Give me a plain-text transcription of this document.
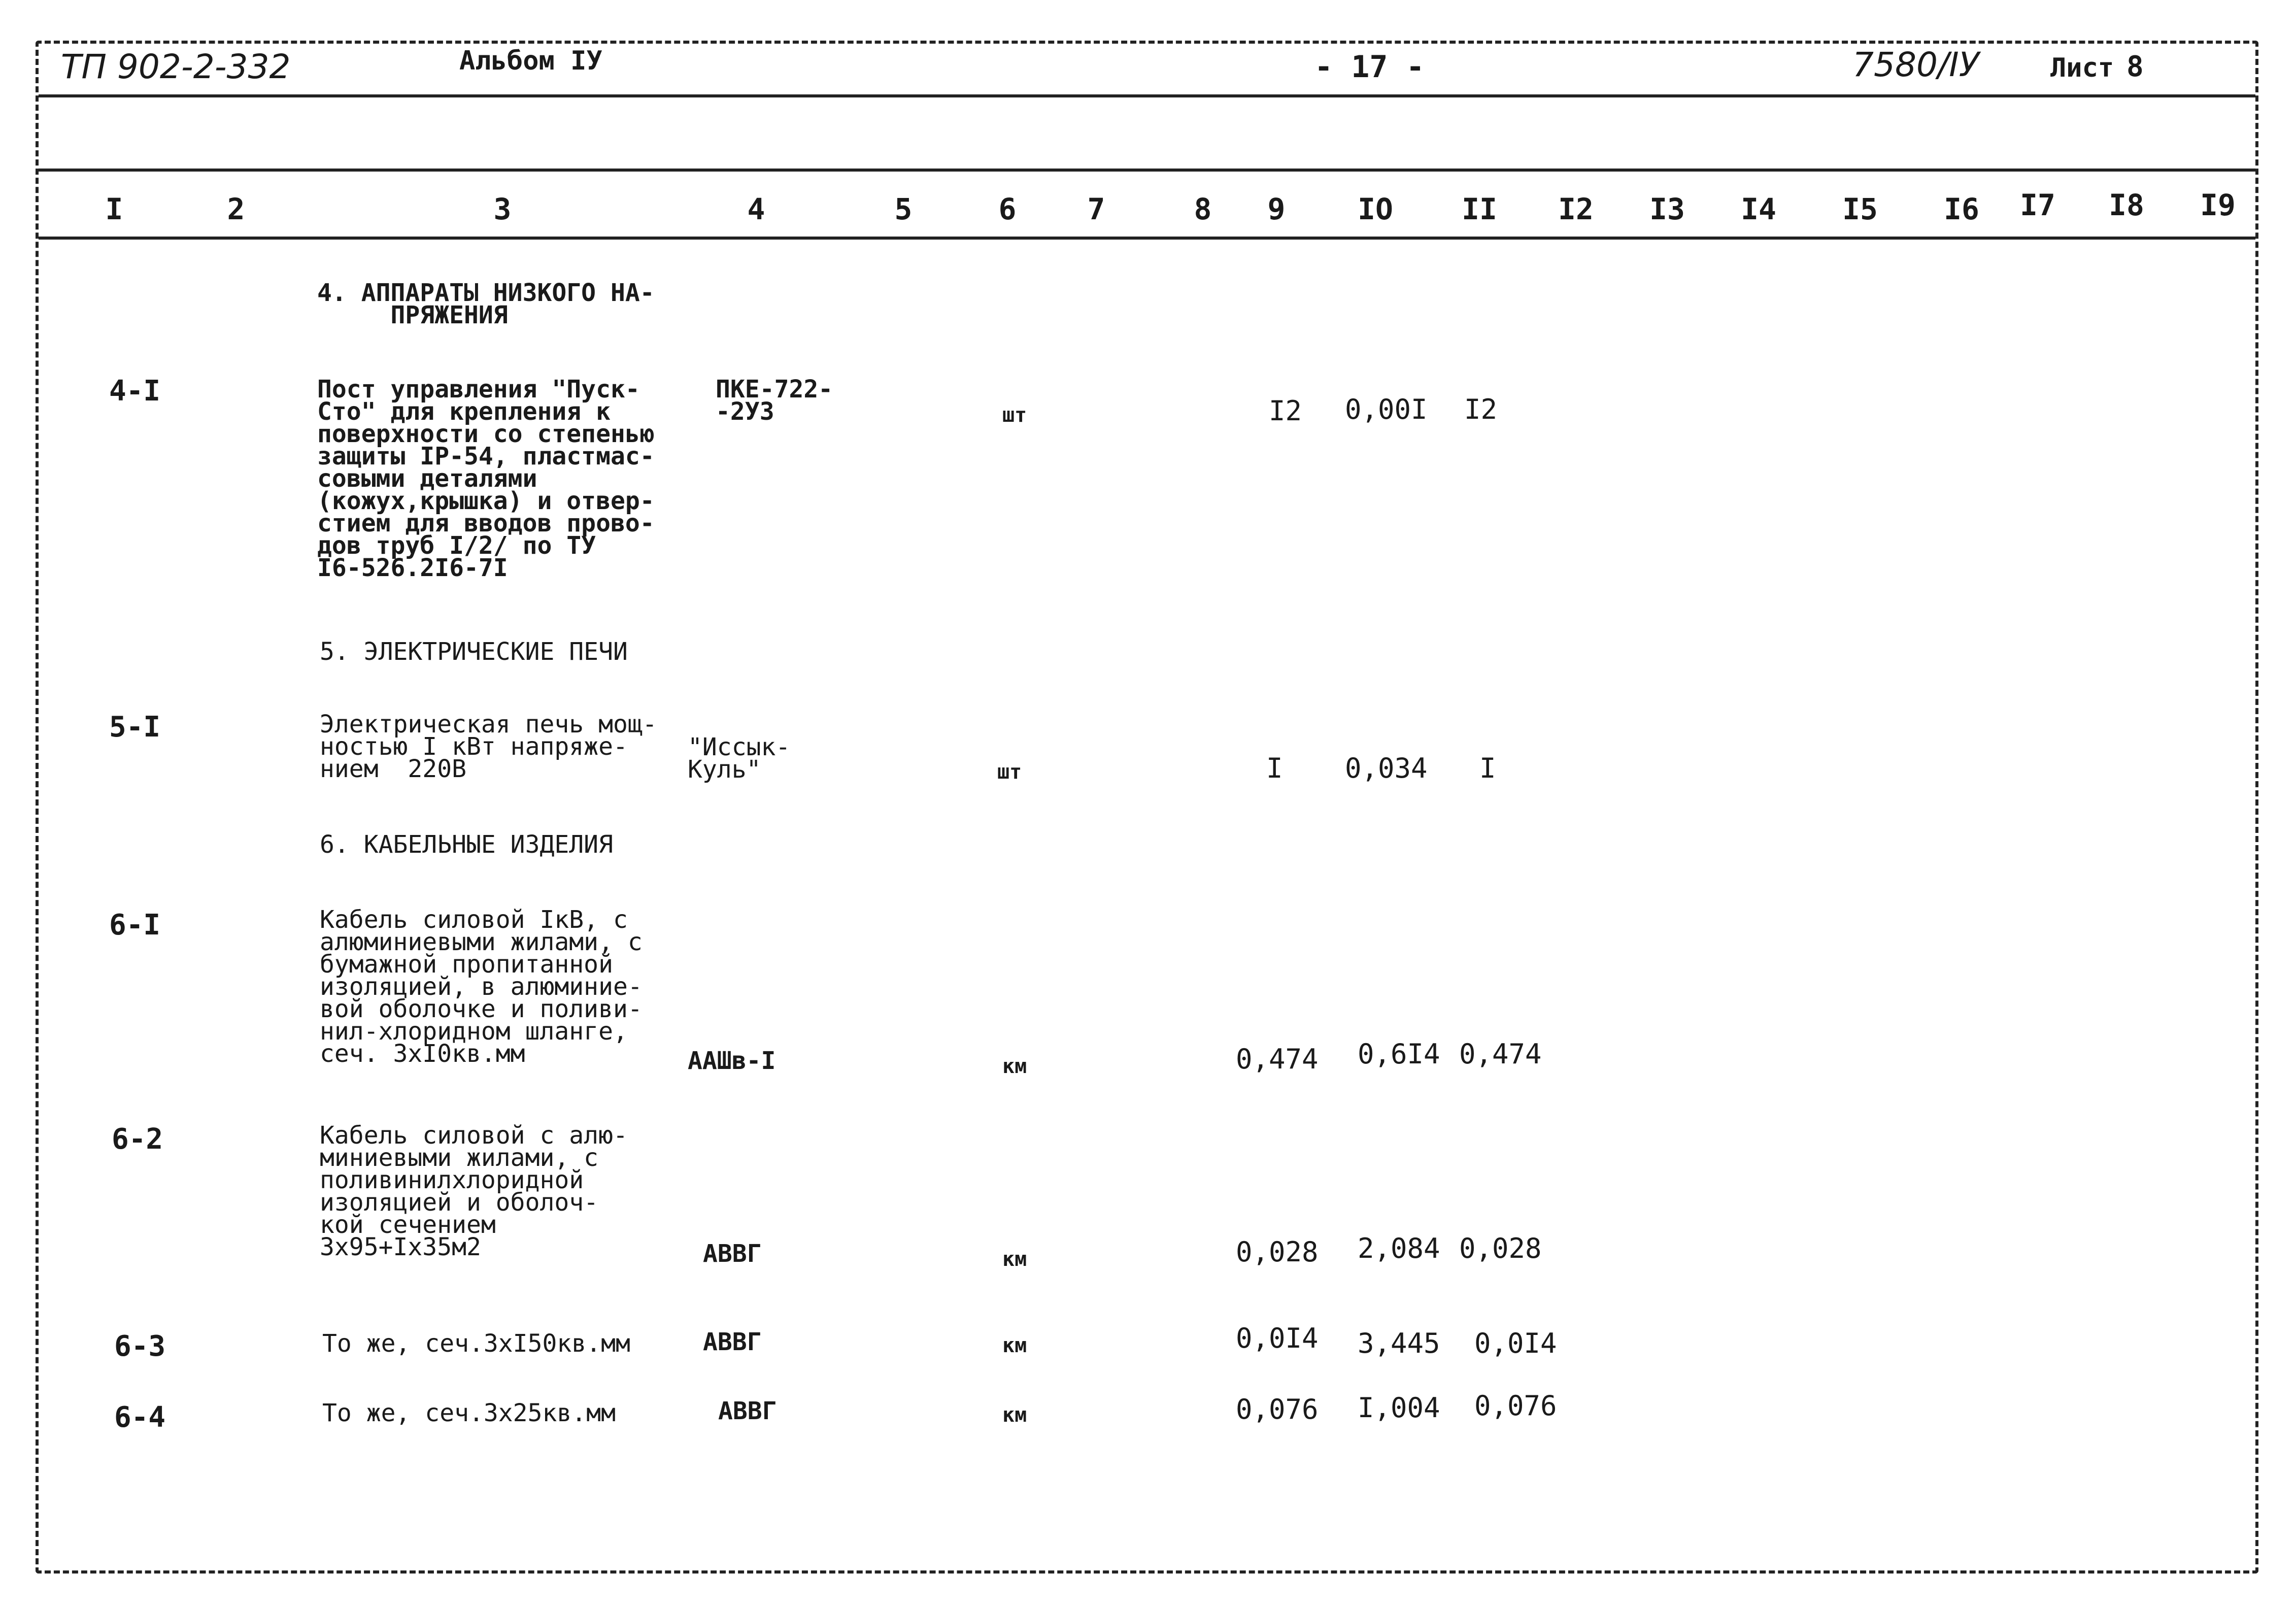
ТП 902-2-332	Альбом IУ	- 17 -	7580/IУ	Лист 8
I	2	3	4	5	6	7	8	9	IO	II	I2	I3	I4	I5	I6	I7	I8	I9
4. АППАРАТЫ НИЗКОГО НА-
ПРЯЖЕНИЯ
5. ЭЛЕКТРИЧЕСКИЕ ПЕЧИ
6. КАБЕЛЬНЫЕ ИЗДЕЛИЯ
4-I	Пост управления "Пуск-
Сто" для крепления к
поверхности со степенью
защиты IP-54, пластмас-
совыми деталями
(кожух,крышка) и отвер-
стием для вводов прово-
дов труб I/2/ по ТУ
I6-526.2I6-7I
ПКЕ-722-
-2УЗ	шт	I2 0,00I I2
5-I	Электрическая печь мощ-
ностью I кВт напряже-
нием  220В
"Иссык-
Куль"	шт	I 0,034 I
6-I	Кабель силовой IкВ, с
алюминиевыми жилами, с
бумажной пропитанной
изоляцией, в алюминие-
вой оболочке и поливи-
нил-хлоридном шланге,
сеч. 3хI0кв.мм	ААШв-I	км	0,474 0,6I4 0,474
6-2	Кабель силовой с алю-
миниевыми жилами, с
поливинилхлоридной
изоляцией и оболоч-
кой сечением
3х95+Iх35м2	АВВГ	км	0,028 2,084 0,028
6-3	То же, сеч.3хI50кв.мм	АВВГ	км	0,0I4 3,445 0,0I4
6-4	То же, сеч.3х25кв.мм	АВВГ	км	0,076 I,004 0,076
